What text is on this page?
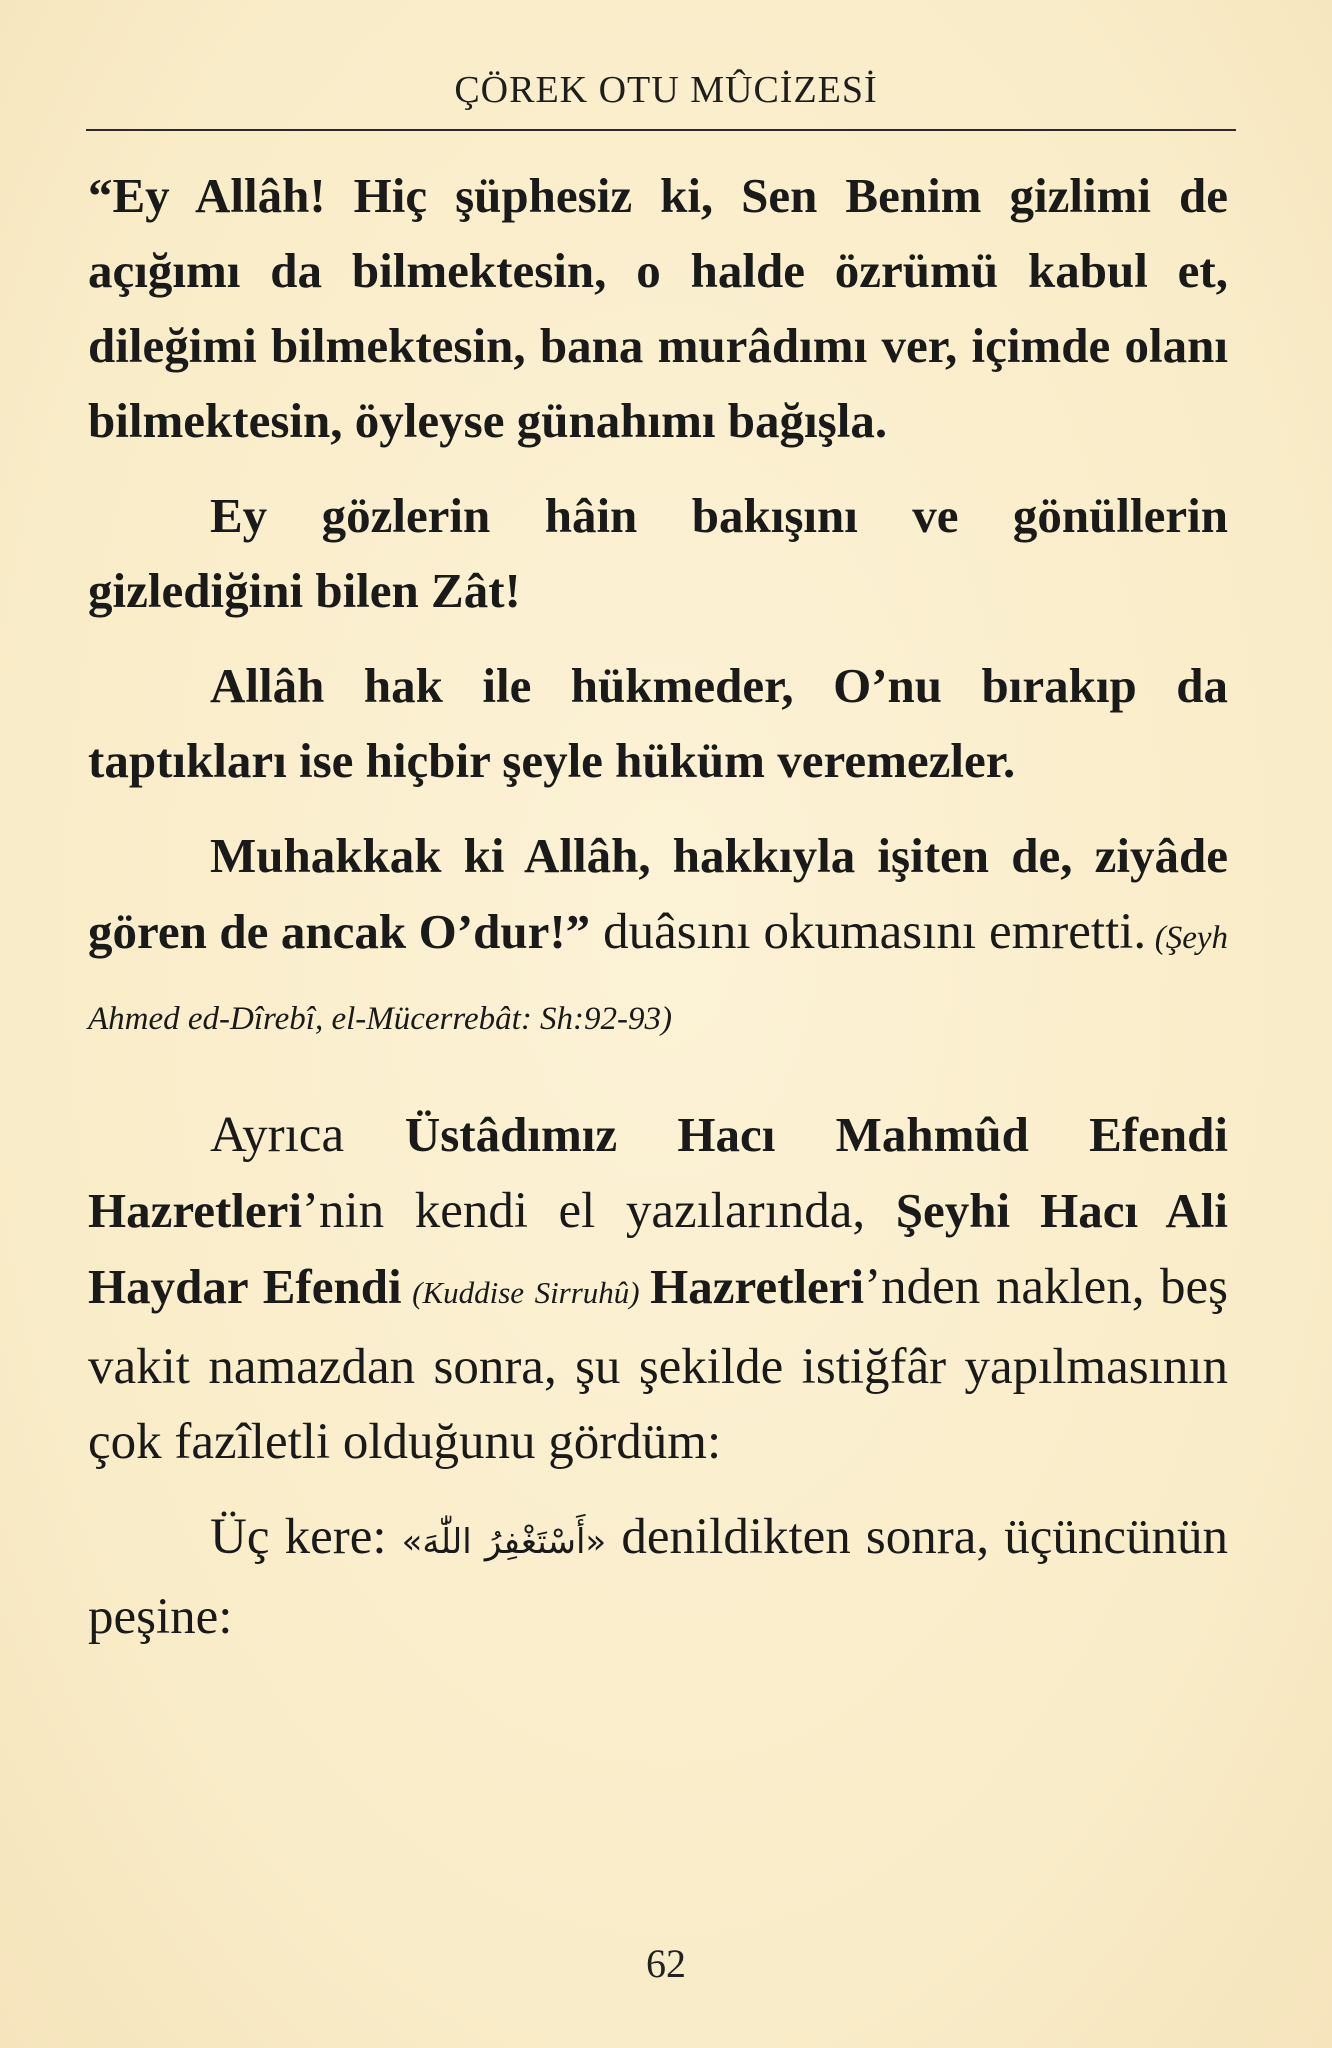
ÇÖREK OTU MÛCİZESİ

“Ey Allâh! Hiç şüphesiz ki, Sen Benim gizlimi de açığımı da bilmektesin, o halde özrümü kabul et, dileğimi bilmektesin, bana murâdımı ver, içimde olanı bilmektesin, öyleyse günahımı bağışla.

Ey gözlerin hâin bakışını ve gönüllerin gizlediğini bilen Zât!

Allâh hak ile hükmeder, O’nu bırakıp da taptıkları ise hiçbir şeyle hüküm veremezler.

Muhakkak ki Allâh, hakkıyla işiten de, ziyâde gören de ancak O’dur!” duâsını okumasını emretti. (Şeyh Ahmed ed-Dîrebî, el-Mücerrebât: Sh:92-93)

Ayrıca Üstâdımız Hacı Mahmûd Efendi Hazretleri’nin kendi el yazılarında, Şeyhi Hacı Ali Haydar Efendi (Kuddise Sirruhû) Hazretleri’nden naklen, beş vakit namazdan sonra, şu şekilde istiğfâr yapılmasının çok fazîletli olduğunu gördüm:

Üç kere: «أَسْتَغْفِرُ اللّٰهَ» denildikten sonra, üçüncünün peşine:

62
